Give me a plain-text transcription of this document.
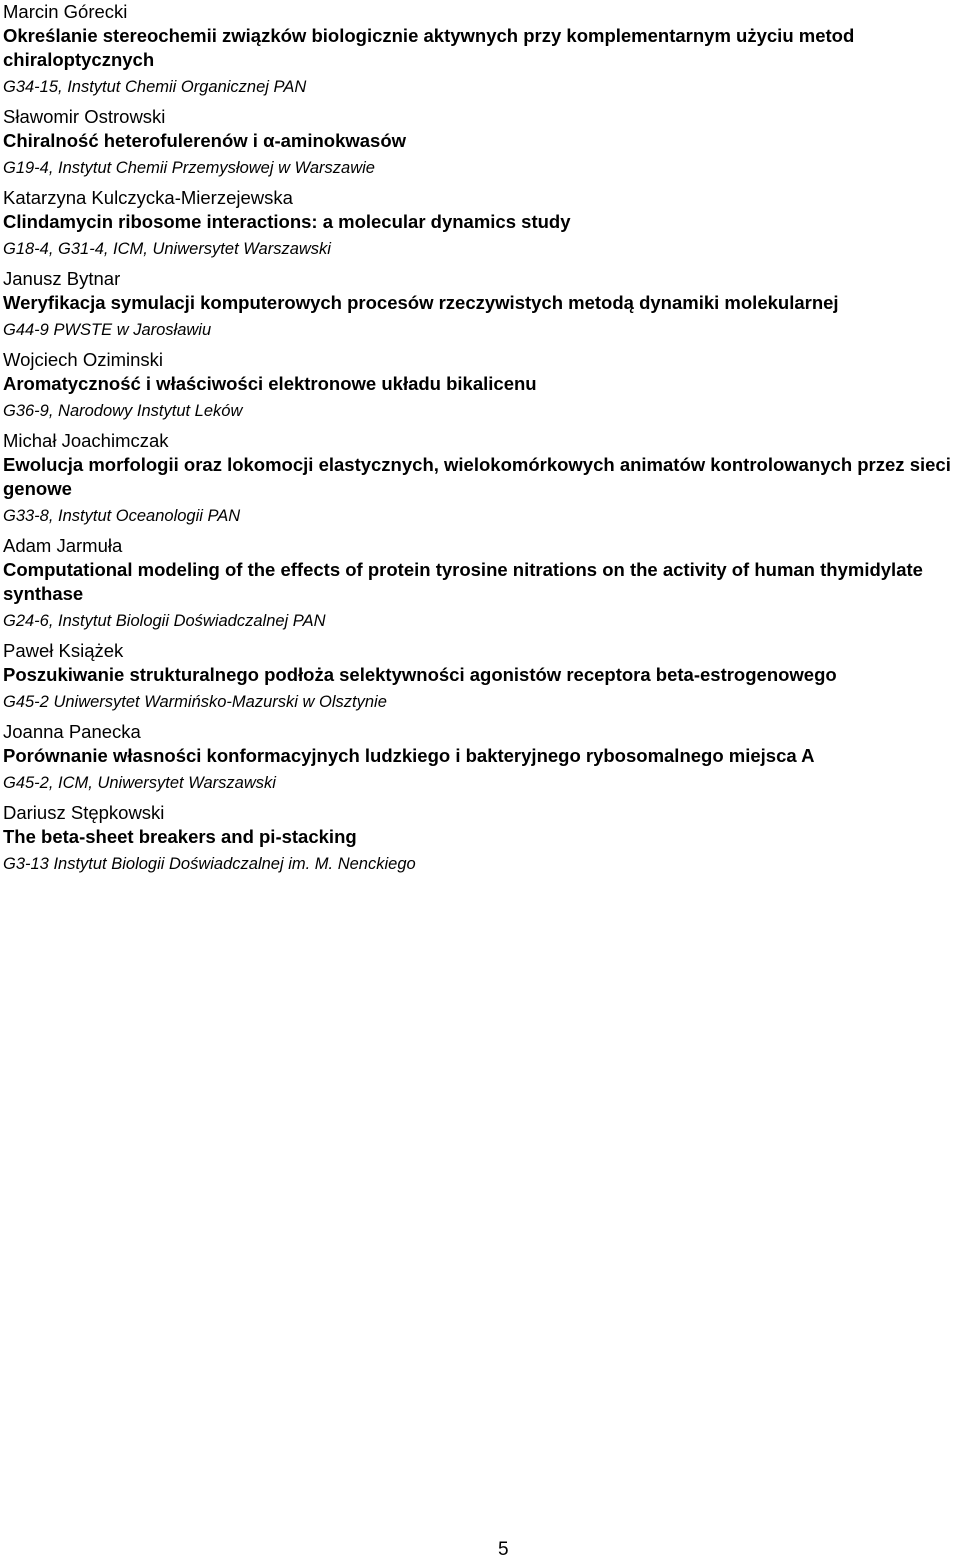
Marcin Górecki
Określanie stereochemii związków biologicznie aktywnych przy komplementarnym użyciu metod chiraloptycznych
G34-15, Instytut Chemii Organicznej PAN
Sławomir Ostrowski
Chiralność heterofulerenów i α-aminokwasów
G19-4, Instytut Chemii Przemysłowej w Warszawie
Katarzyna Kulczycka-Mierzejewska
Clindamycin ribosome interactions: a molecular dynamics study
G18-4, G31-4, ICM, Uniwersytet Warszawski
Janusz Bytnar
Weryfikacja symulacji komputerowych procesów rzeczywistych metodą dynamiki molekularnej
G44-9 PWSTE w Jarosławiu
Wojciech Oziminski
Aromatyczność i właściwości elektronowe układu bikalicenu
G36-9, Narodowy Instytut Leków
Michał Joachimczak
Ewolucja morfologii oraz lokomocji elastycznych, wielokomórkowych animatów kontrolowanych przez sieci genowe
G33-8, Instytut Oceanologii PAN
Adam Jarmuła
Computational modeling of the effects of protein tyrosine nitrations on the activity of human thymidylate synthase
G24-6, Instytut Biologii Doświadczalnej PAN
Paweł Książek
Poszukiwanie strukturalnego podłoża selektywności agonistów receptora beta-estrogenowego
G45-2 Uniwersytet Warmińsko-Mazurski w Olsztynie
Joanna Panecka
Porównanie własności konformacyjnych ludzkiego i bakteryjnego rybosomalnego miejsca A
G45-2, ICM, Uniwersytet Warszawski
Dariusz Stępkowski
The beta-sheet breakers and pi-stacking
G3-13 Instytut Biologii Doświadczalnej im. M. Nenckiego
5
